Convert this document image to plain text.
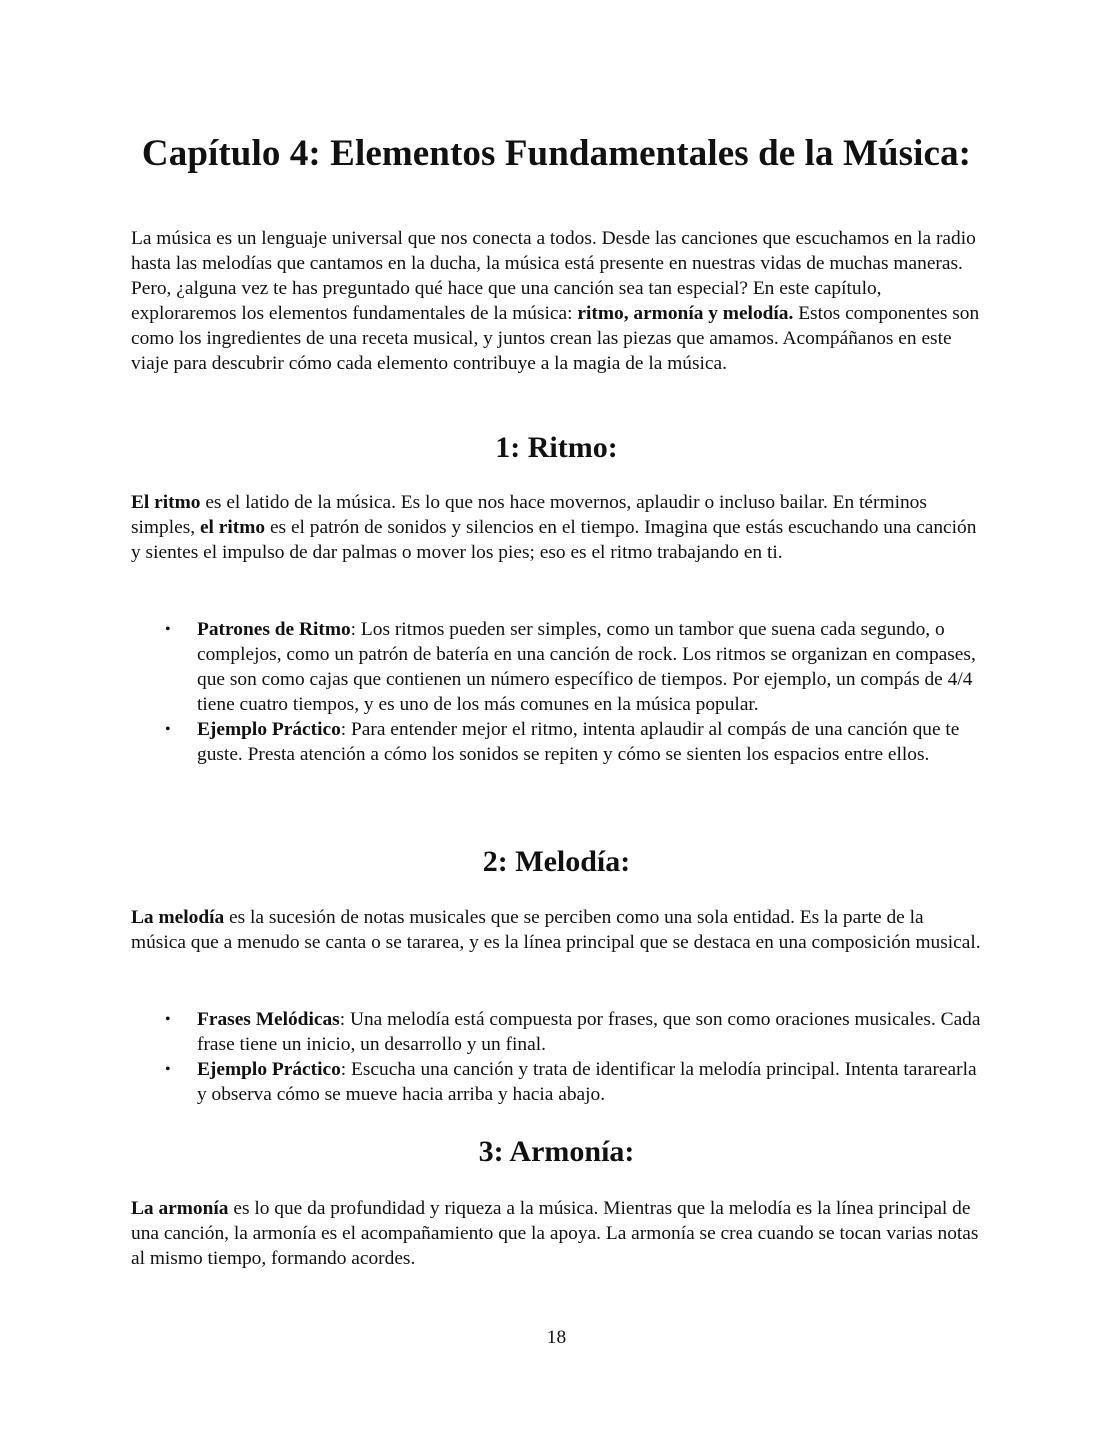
Capítulo 4: Elementos Fundamentales de la Música:

La música es un lenguaje universal que nos conecta a todos. Desde las canciones que escuchamos en la radio hasta las melodías que cantamos en la ducha, la música está presente en nuestras vidas de muchas maneras. Pero, ¿alguna vez te has preguntado qué hace que una canción sea tan especial? En este capítulo, exploraremos los elementos fundamentales de la música: ritmo, armonía y melodía. Estos componentes son como los ingredientes de una receta musical, y juntos crean las piezas que amamos. Acompáñanos en este viaje para descubrir cómo cada elemento contribuye a la magia de la música.

1: Ritmo:

El ritmo es el latido de la música. Es lo que nos hace movernos, aplaudir o incluso bailar. En términos simples, el ritmo es el patrón de sonidos y silencios en el tiempo. Imagina que estás escuchando una canción y sientes el impulso de dar palmas o mover los pies; eso es el ritmo trabajando en ti.

• Patrones de Ritmo: Los ritmos pueden ser simples, como un tambor que suena cada segundo, o complejos, como un patrón de batería en una canción de rock. Los ritmos se organizan en compases, que son como cajas que contienen un número específico de tiempos. Por ejemplo, un compás de 4/4 tiene cuatro tiempos, y es uno de los más comunes en la música popular.
• Ejemplo Práctico: Para entender mejor el ritmo, intenta aplaudir al compás de una canción que te guste. Presta atención a cómo los sonidos se repiten y cómo se sienten los espacios entre ellos.
2: Melodía:

La melodía es la sucesión de notas musicales que se perciben como una sola entidad. Es la parte de la música que a menudo se canta o se tararea, y es la línea principal que se destaca en una composición musical.

• Frases Melódicas: Una melodía está compuesta por frases, que son como oraciones musicales. Cada frase tiene un inicio, un desarrollo y un final.
• Ejemplo Práctico: Escucha una canción y trata de identificar la melodía principal. Intenta tararearla y observa cómo se mueve hacia arriba y hacia abajo.
3: Armonía:

La armonía es lo que da profundidad y riqueza a la música. Mientras que la melodía es la línea principal de una canción, la armonía es el acompañamiento que la apoya. La armonía se crea cuando se tocan varias notas al mismo tiempo, formando acordes.

18
